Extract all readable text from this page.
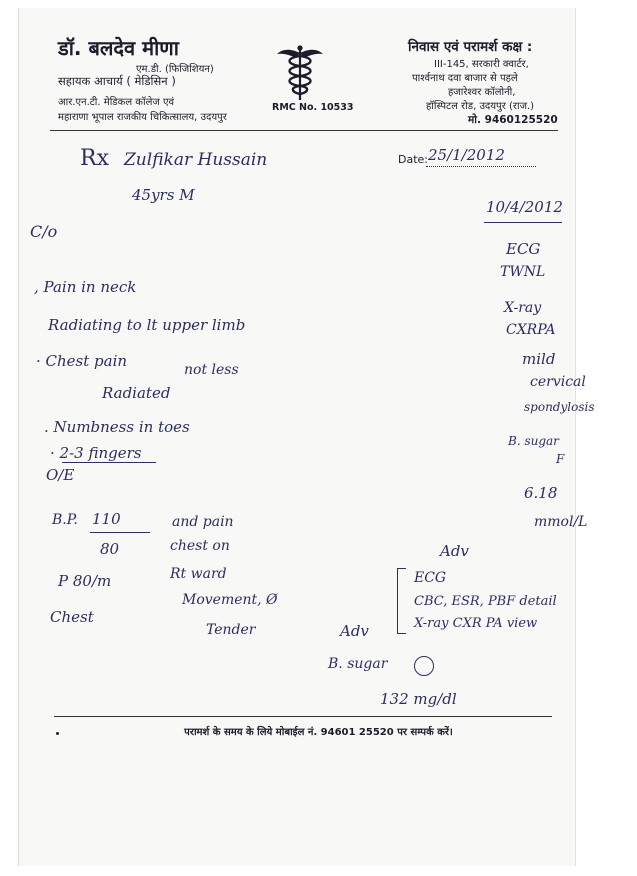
डॉ. बलदेव मीणा
एम.डी. (फिजिशियन)
सहायक आचार्य ( मेडिसिन )
आर.एन.टी. मेडिकल कॉलेज एवं
महाराणा भूपाल राजकीय चिकित्सालय, उदयपुर
RMC No. 10533
निवास एवं परामर्श कक्ष :
III-145, सरकारी क्वार्टर,
पार्श्वनाथ दवा बाजार से पहले
हजारेश्वर कॉलोनी,
हॉस्पिटल रोड, उदयपुर (राज.)
मो. 9460125520
Rx Zulfikar Hussain
45yrs M
Date: 25/1/2012
C/o
, Pain in neck
Radiating to lt upper limb
· Chest pain
Radiated
not less
. Numbness in toes
· 2-3 fingers
O/E
B.P. 110
80
P 80/m
Chest
and pain
chest on
Rt ward
Movement, Ø
Tender	Adv
B. sugar
132 mg/dl
10/4/2012
ECG
TWNL
X-ray
CXRPA
mild
cervical
spondylosis
B. sugar
F
6.18
mmol/L
Adv
ECG
CBC, ESR, PBF detail
X-ray CXR PA view
परामर्श के समय के लिये मोबाईल नं. 94601 25520 पर सम्पर्क करें।
